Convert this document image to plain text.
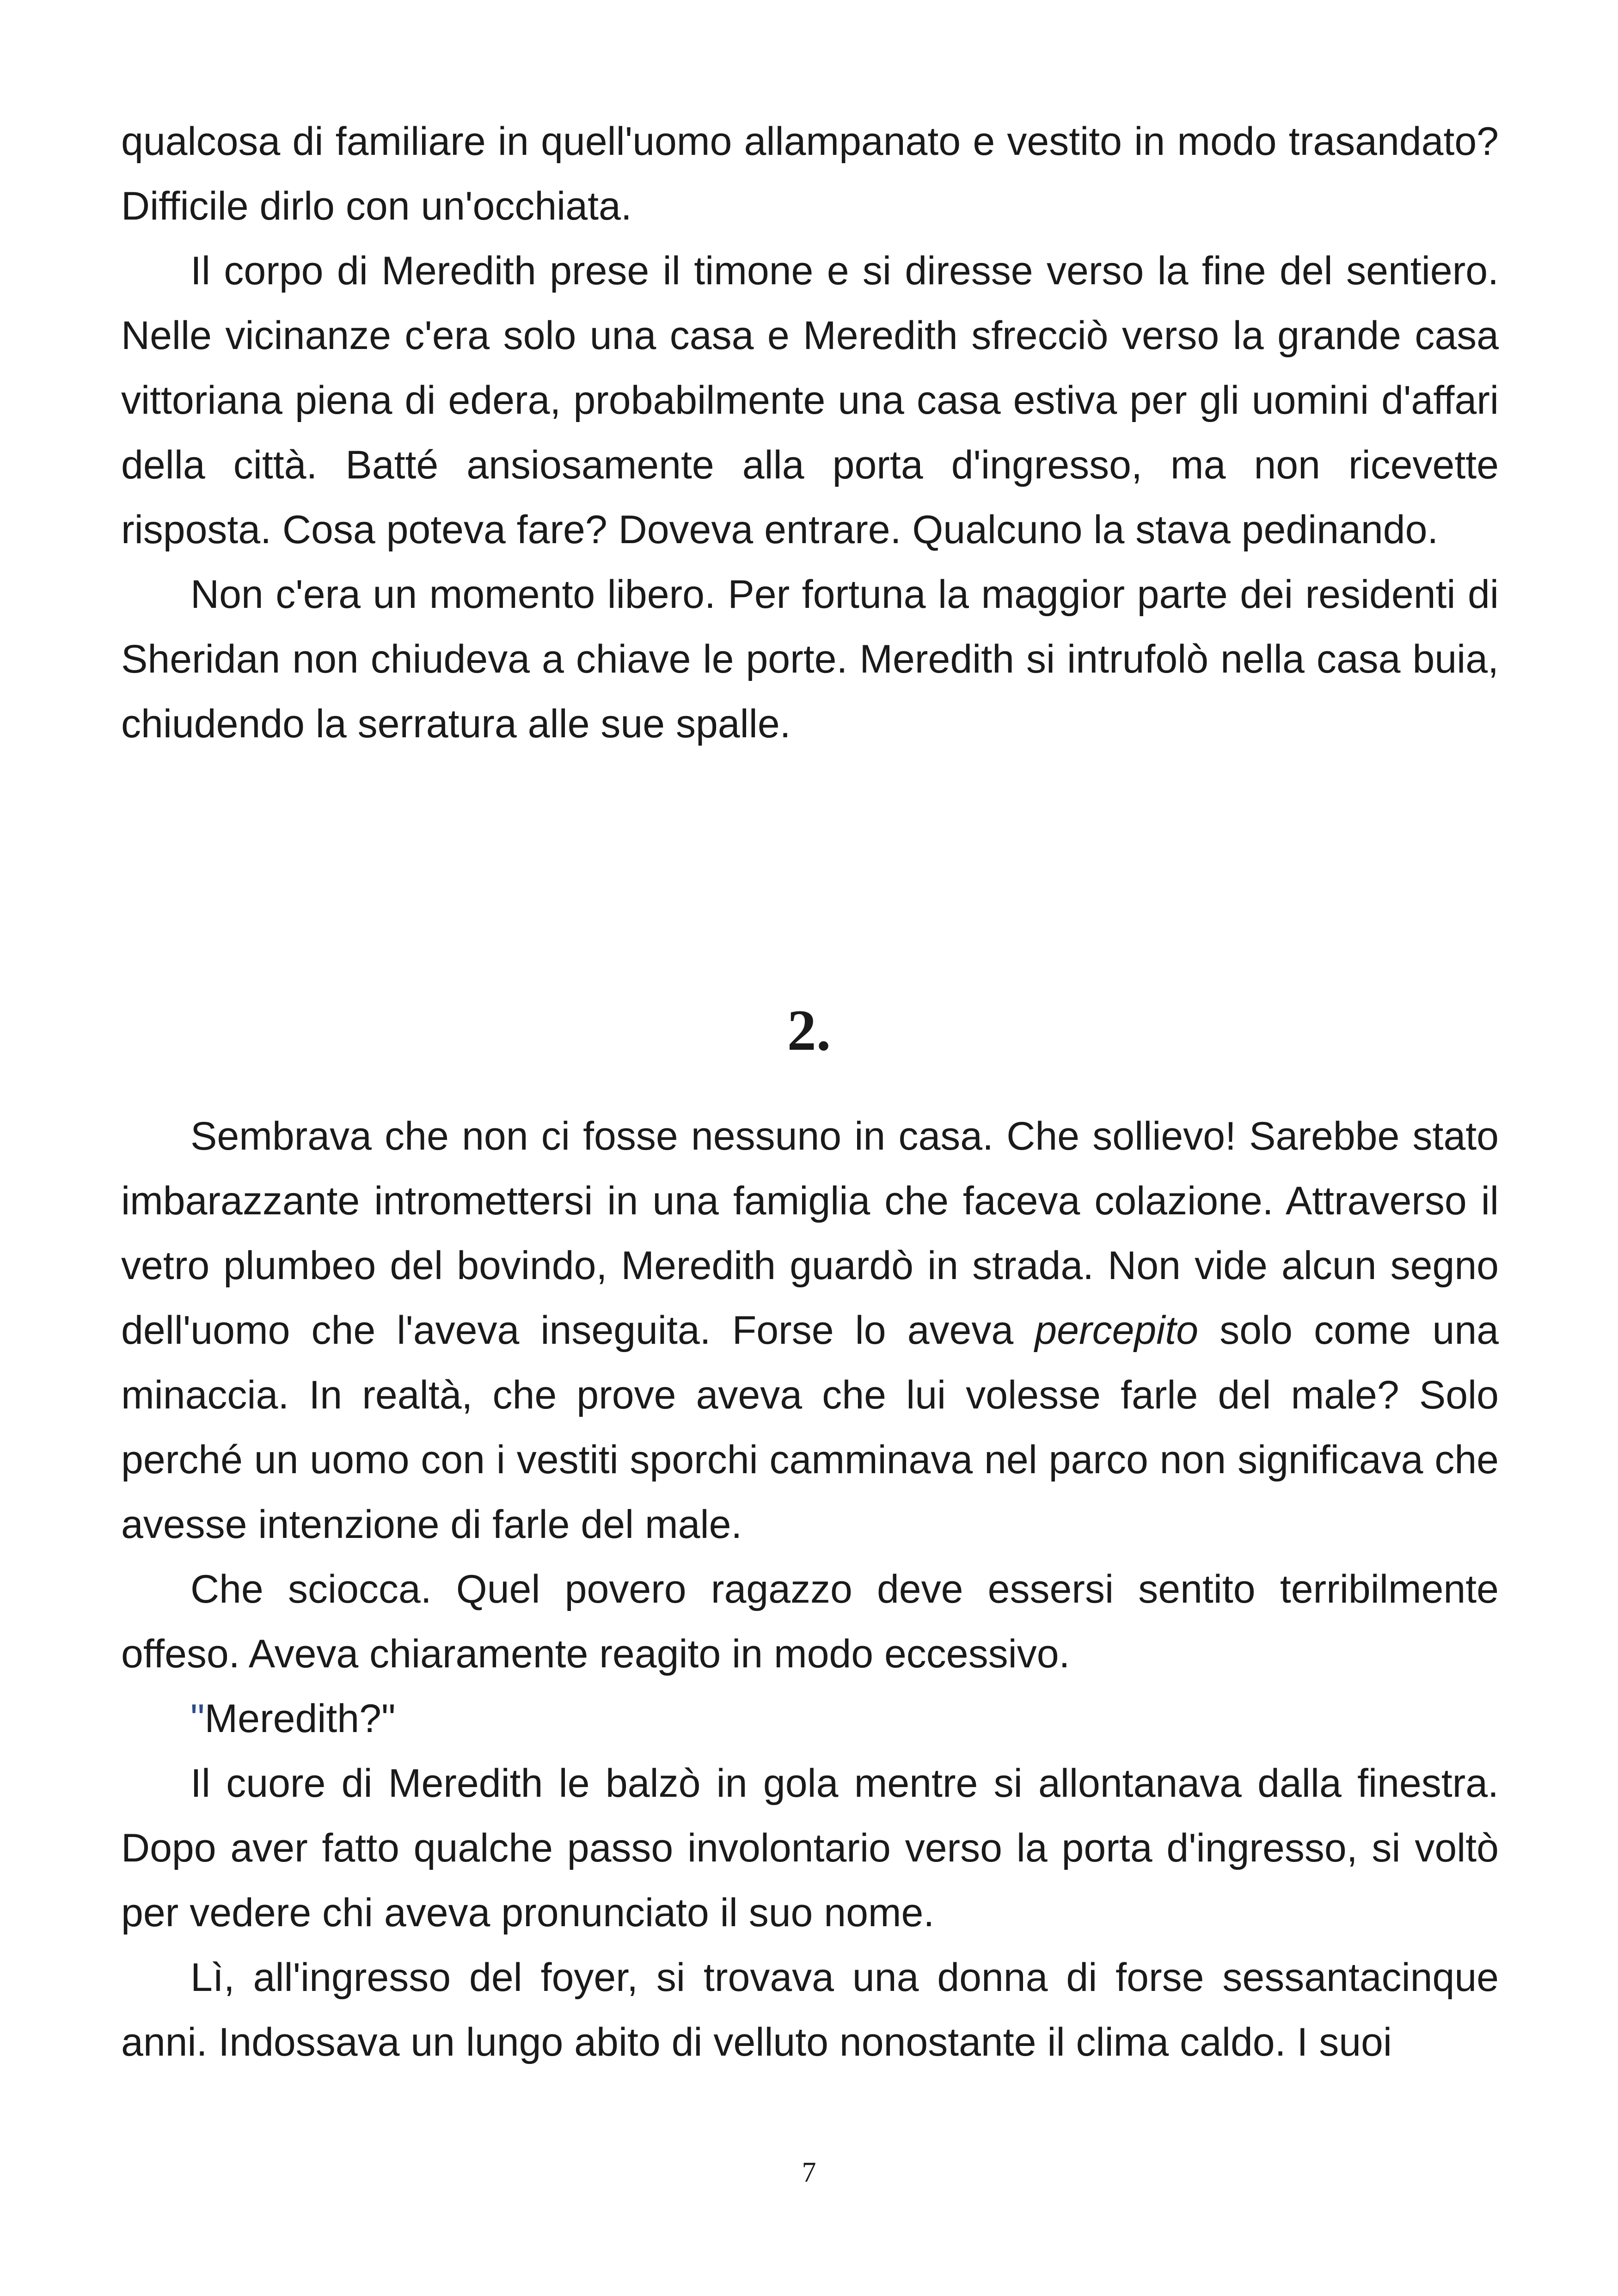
qualcosa di familiare in quell'uomo allampanato e vestito in modo trasandato? Difficile dirlo con un'occhiata.

Il corpo di Meredith prese il timone e si diresse verso la fine del sentiero. Nelle vicinanze c'era solo una casa e Meredith sfrecciò verso la grande casa vittoriana piena di edera, probabilmente una casa estiva per gli uomini d'affari della città. Batté ansiosamente alla porta d'ingresso, ma non ricevette risposta. Cosa poteva fare? Doveva entrare. Qualcuno la stava pedinando.

Non c'era un momento libero. Per fortuna la maggior parte dei residenti di Sheridan non chiudeva a chiave le porte. Meredith si intrufolò nella casa buia, chiudendo la serratura alle sue spalle.

2.

Sembrava che non ci fosse nessuno in casa. Che sollievo! Sarebbe stato imbarazzante intromettersi in una famiglia che faceva colazione. Attraverso il vetro plumbeo del bovindo, Meredith guardò in strada. Non vide alcun segno dell'uomo che l'aveva inseguita. Forse lo aveva percepito solo come una minaccia. In realtà, che prove aveva che lui volesse farle del male? Solo perché un uomo con i vestiti sporchi camminava nel parco non significava che avesse intenzione di farle del male.

Che sciocca. Quel povero ragazzo deve essersi sentito terribilmente offeso. Aveva chiaramente reagito in modo eccessivo.

"Meredith?"

Il cuore di Meredith le balzò in gola mentre si allontanava dalla finestra. Dopo aver fatto qualche passo involontario verso la porta d'ingresso, si voltò per vedere chi aveva pronunciato il suo nome.

Lì, all'ingresso del foyer, si trovava una donna di forse sessantacinque anni. Indossava un lungo abito di velluto nonostante il clima caldo. I suoi

7
